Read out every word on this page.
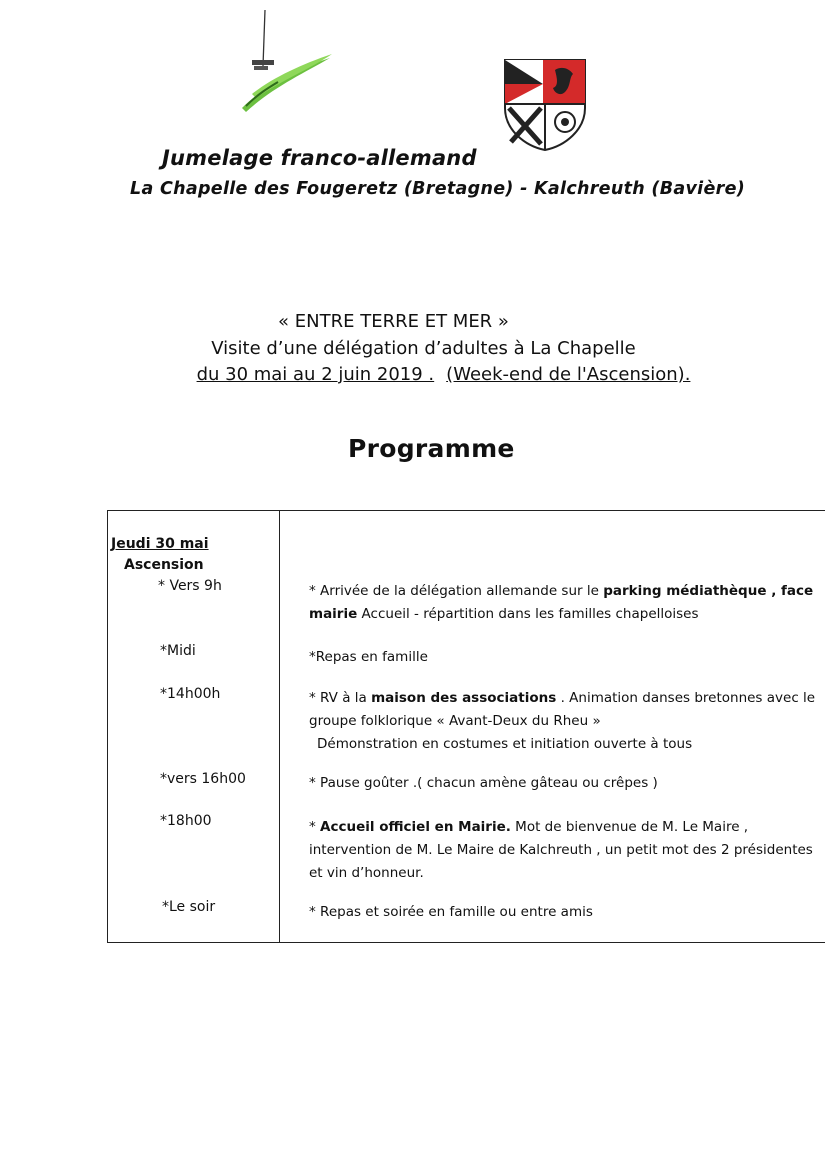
Jumelage franco-allemand
La Chapelle des Fougeretz (Bretagne) - Kalchreuth (Bavière)
« ENTRE TERRE ET MER »
Visite d’une délégation d’adultes à La Chapelle
du 30 mai au 2 juin 2019 . (Week-end de l'Ascension).
Programme
Jeudi 30 mai
Ascension
* Vers 9h	* Arrivée de la délégation allemande sur le parking médiathèque , face mairie Accueil - répartition dans les familles chapelloises
*Midi	*Repas en famille
*14h00h	* RV à la maison des associations . Animation danses bretonnes avec le groupe folklorique « Avant-Deux du Rheu »
Démonstration en costumes et initiation ouverte à tous
*vers 16h00	* Pause goûter .( chacun amène gâteau ou crêpes )
*18h00	* Accueil officiel en Mairie. Mot de bienvenue de M. Le Maire , intervention de M. Le Maire de Kalchreuth , un petit mot des 2 présidentes et vin d’honneur.
*Le soir	* Repas et soirée en famille ou entre amis
